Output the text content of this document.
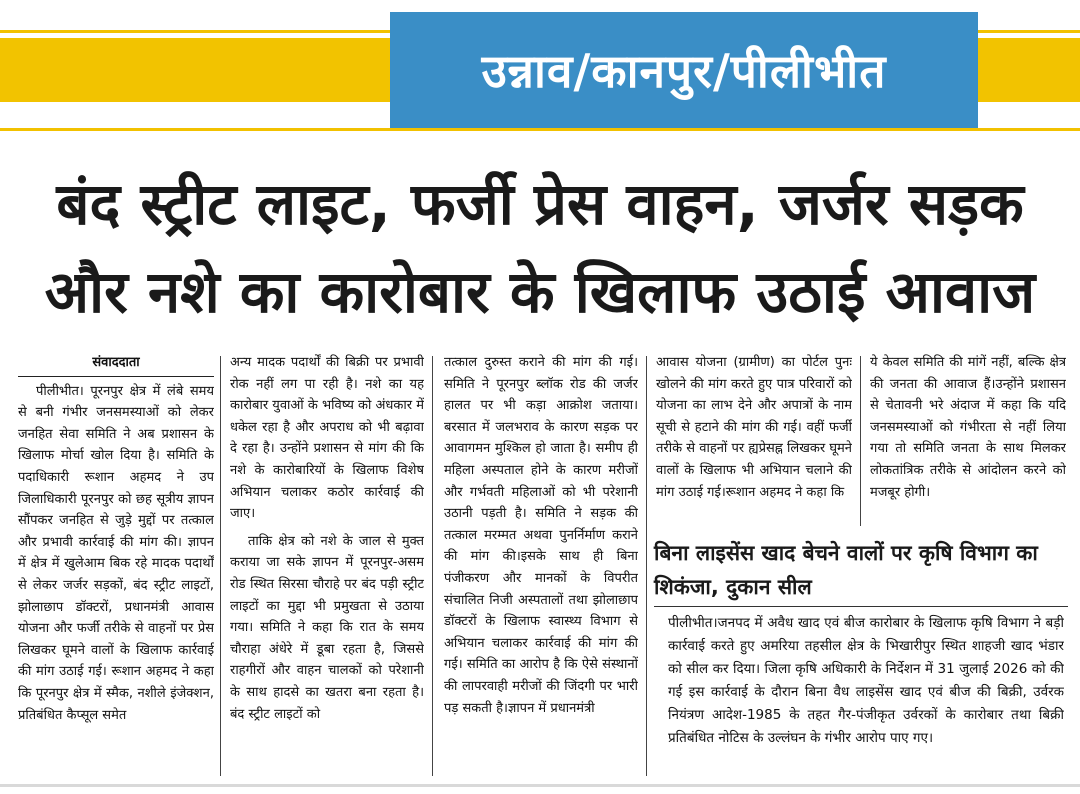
उन्नाव/कानपुर/पीलीभीत
बंद स्ट्रीट लाइट, फर्जी प्रेस वाहन, जर्जर सड़क
और नशे का कारोबार के खिलाफ उठाई आवाज
संवाददाता

पीलीभीत। पूरनपुर क्षेत्र में लंबे समय से बनी गंभीर जनसमस्याओं को लेकर जनहित सेवा समिति ने अब प्रशासन के खिलाफ मोर्चा खोल दिया है। समिति के पदाधिकारी रूशान अहमद ने उप जिलाधिकारी पूरनपुर को छह सूत्रीय ज्ञापन सौंपकर जनहित से जुड़े मुद्दों पर तत्काल और प्रभावी कार्रवाई की मांग की। ज्ञापन में क्षेत्र में खुलेआम बिक रहे मादक पदार्थों से लेकर जर्जर सड़कों, बंद स्ट्रीट लाइटों, झोलाछाप डॉक्टरों, प्रधानमंत्री आवास योजना और फर्जी तरीके से वाहनों पर प्रेस लिखकर घूमने वालों के खिलाफ कार्रवाई की मांग उठाई गई। रूशान अहमद ने कहा कि पूरनपुर क्षेत्र में स्मैक, नशीले इंजेक्शन, प्रतिबंधित कैप्सूल समेत

अन्य मादक पदार्थों की बिक्री पर प्रभावी रोक नहीं लग पा रही है। नशे का यह कारोबार युवाओं के भविष्य को अंधकार में धकेल रहा है और अपराध को भी बढ़ावा दे रहा है। उन्होंने प्रशासन से मांग की कि नशे के कारोबारियों के खिलाफ विशेष अभियान चलाकर कठोर कार्रवाई की जाए।

ताकि क्षेत्र को नशे के जाल से मुक्त कराया जा सके ज्ञापन में पूरनपुर-असम रोड स्थित सिरसा चौराहे पर बंद पड़ी स्ट्रीट लाइटों का मुद्दा भी प्रमुखता से उठाया गया। समिति ने कहा कि रात के समय चौराहा अंधेरे में डूबा रहता है, जिससे राहगीरों और वाहन चालकों को परेशानी के साथ हादसे का खतरा बना रहता है। बंद स्ट्रीट लाइटों को

तत्काल दुरुस्त कराने की मांग की गई।समिति ने पूरनपुर ब्लॉक रोड की जर्जर हालत पर भी कड़ा आक्रोश जताया। बरसात में जलभराव के कारण सड़क पर आवागमन मुश्किल हो जाता है। समीप ही महिला अस्पताल होने के कारण मरीजों और गर्भवती महिलाओं को भी परेशानी उठानी पड़ती है। समिति ने सड़क की तत्काल मरम्मत अथवा पुनर्निर्माण कराने की मांग की।इसके साथ ही बिना पंजीकरण और मानकों के विपरीत संचालित निजी अस्पतालों तथा झोलाछाप डॉक्टरों के खिलाफ स्वास्थ्य विभाग से अभियान चलाकर कार्रवाई की मांग की गई। समिति का आरोप है कि ऐसे संस्थानों की लापरवाही मरीजों की जिंदगी पर भारी पड़ सकती है।ज्ञापन में प्रधानमंत्री

आवास योजना (ग्रामीण) का पोर्टल पुनः खोलने की मांग करते हुए पात्र परिवारों को योजना का लाभ देने और अपात्रों के नाम सूची से हटाने की मांग की गई। वहीं फर्जी तरीके से वाहनों पर ह्यप्रेसह्न लिखकर घूमने वालों के खिलाफ भी अभियान चलाने की मांग उठाई गई।रूशान अहमद ने कहा कि

ये केवल समिति की मांगें नहीं, बल्कि क्षेत्र की जनता की आवाज हैं।उन्होंने प्रशासन से चेतावनी भरे अंदाज में कहा कि यदि जनसमस्याओं को गंभीरता से नहीं लिया गया तो समिति जनता के साथ मिलकर लोकतांत्रिक तरीके से आंदोलन करने को मजबूर होगी।

बिना लाइसेंस खाद बेचने वालों पर कृषि विभाग का शिकंजा, दुकान सील
पीलीभीत।जनपद में अवैध खाद एवं बीज कारोबार के खिलाफ कृषि विभाग ने बड़ी कार्रवाई करते हुए अमरिया तहसील क्षेत्र के भिखारीपुर स्थित शाहजी खाद भंडार को सील कर दिया। जिला कृषि अधिकारी के निर्देशन में 31 जुलाई 2026 को की गई इस कार्रवाई के दौरान बिना वैध लाइसेंस खाद एवं बीज की बिक्री, उर्वरक नियंत्रण आदेश-1985 के तहत गैर-पंजीकृत उर्वरकों के कारोबार तथा बिक्री प्रतिबंधित नोटिस के उल्लंघन के गंभीर आरोप पाए गए।
